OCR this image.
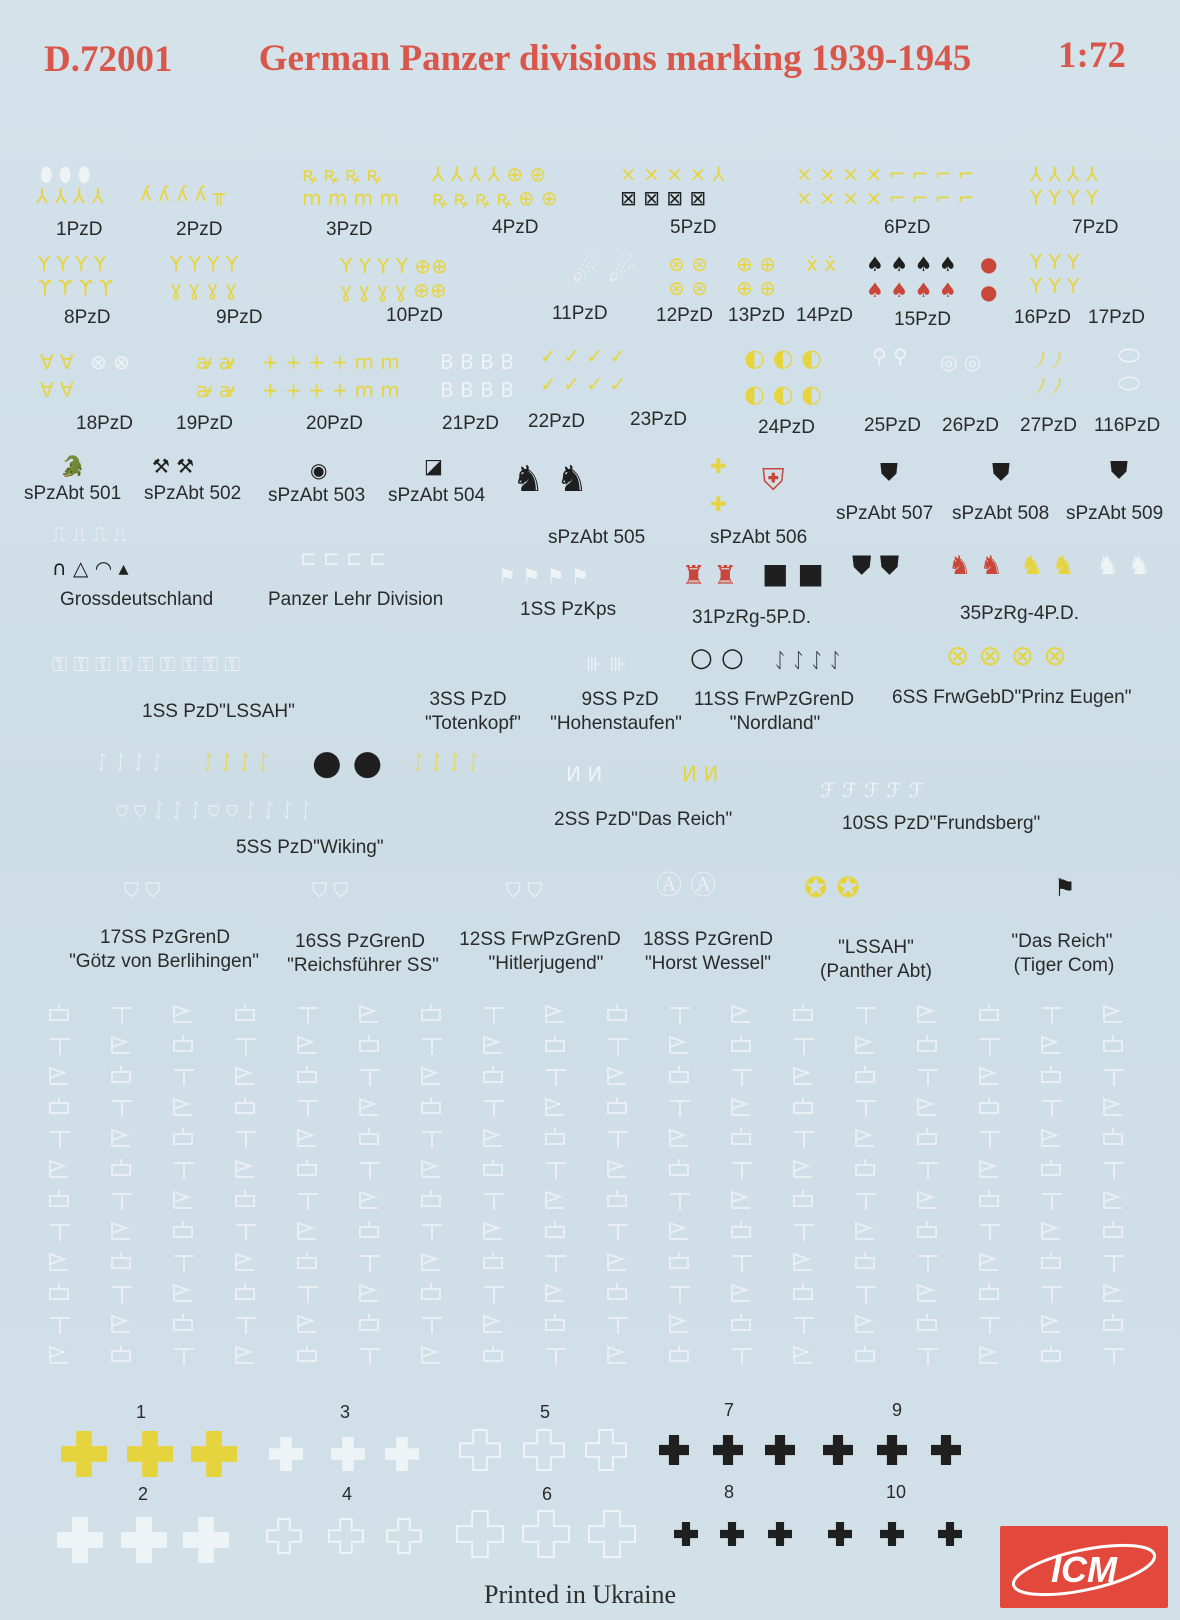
D.72001 German Panzer divisions marking 1939-1945 1:72
⅄ ⅄ ⅄ ⅄
⬮ ⬮ ⬮
ʎ ʎ ʎ ʎ ╥
ꝶ ꝶ ꝶ ꝶ
m m m m
⅄ ⅄ ⅄ ⅄ ⊕ ⊕
ꝶ ꝶ ꝶ ꝶ ⊕ ⊕
× × × × ⅄
⊠ ⊠ ⊠ ⊠
× × × × ⌐ ⌐ ⌐ ⌐
× × × × ⌐ ⌐ ⌐ ⌐
⅄ ⅄ ⅄ ⅄
Y Y Y Y
1PzD	2PzD	3PzD	4PzD	5PzD	6PzD	7PzD
Y Y Y Y
ϒ ϒ ϒ ϒ
Y Y Y Y
ɣ ɣ ɣ ɣ
Y Y Y Y ⊕⊕
ɣ ɣ ɣ ɣ ⊕⊕
☄ ☄ ⊛ ⊛
⊛ ⊛
⊕ ⊕
⊕ ⊕
ẋ ẋ ♠ ♠ ♠ ♠
♠ ♠ ♠ ♠
●
●
Y Y Y
Y Y Y
8PzD	9PzD	10PzD	11PzD	12PzD 13PzD 14PzD 15PzD	16PzD 17PzD
Ɐ Ɐ
Ɐ Ɐ
⊗ ⊗	ꜻ ꜻ
ꜻ ꜻ
+ + + + m m
+ + + + m m
B B B B
B B B B
✓ ✓ ✓ ✓
✓ ✓ ✓ ✓
◐ ◐ ◐
◐ ◐ ◐
⚲ ⚲ ◎ ◎	ﾉ ﾉ
ﾉ ﾉ
⬭
⬭
18PzD 19PzD	20PzD	21PzD 22PzD 23PzD	24PzD	25PzD 26PzD 27PzD 116PzD
🐊	⚒ ⚒	◉	◪ ♞ ♞	✚
✚
⛨	⛊	⛊	⛊
sPzAbt 501 sPzAbt 502 sPzAbt 503 sPzAbt 504
sPzAbt 505	sPzAbt 506
sPzAbt 507 sPzAbt 508 sPzAbt 509
⎍ ⎍ ⎍ ⎍
∩ △ ◠ ▴	⊏ ⊏ ⊏ ⊏
⚑ ⚑ ⚑ ⚑	♜ ♜ ■ ■ ⛊ ⛊ ♞ ♞ ♞ ♞ ♞ ♞
Grossdeutschland	Panzer Lehr Division	1SS PzKps	31PzRg-5P.D.	35PzRg-4P.D.
⚿ ⚿ ⚿ ⚿ ⚿ ⚿ ⚿ ⚿ ⚿	⊪ ⊪ ○ ○ ᛇ ᛇ ᛇ ᛇ	⊗ ⊗ ⊗ ⊗
1SS PzD"LSSAH"
3SS PzD
"Totenkopf"
9SS PzD
"Hohenstaufen"
11SS FrwPzGrenD
"Nordland"
6SS FrwGebD"Prinz Eugen"
ᛇ ᛇ ᛇ ᛇ ᛇ ᛇ ᛇ ᛇ ● ● ᛇ ᛇ ᛇ ᛇ
⛉ ⛉ ᛇ ᛇ ᛇ ⛉ ⛉ ᛇ ᛇ ᛇ ᛇ
И И	И И
ℱ ℱ ℱ ℱ ℱ
5SS PzD"Wiking"
2SS PzD"Das Reich"	10SS PzD"Frundsberg"
⛉ ⛉	⛉ ⛉	⛉ ⛉	Ⓐ Ⓐ	✪ ✪	⚑
17SS PzGrenD
"Götz von Berlihingen"
16SS PzGrenD
"Reichsführer SS"
12SS FrwPzGrenD
"Hitlerjugend"
18SS PzGrenD
"Horst Wessel"
"LSSAH"
(Panther Abt)
"Das Reich"
(Tiger Com)
1	3	5	7	9
2	4	6	8	10
Printed in Ukraine
ICM
